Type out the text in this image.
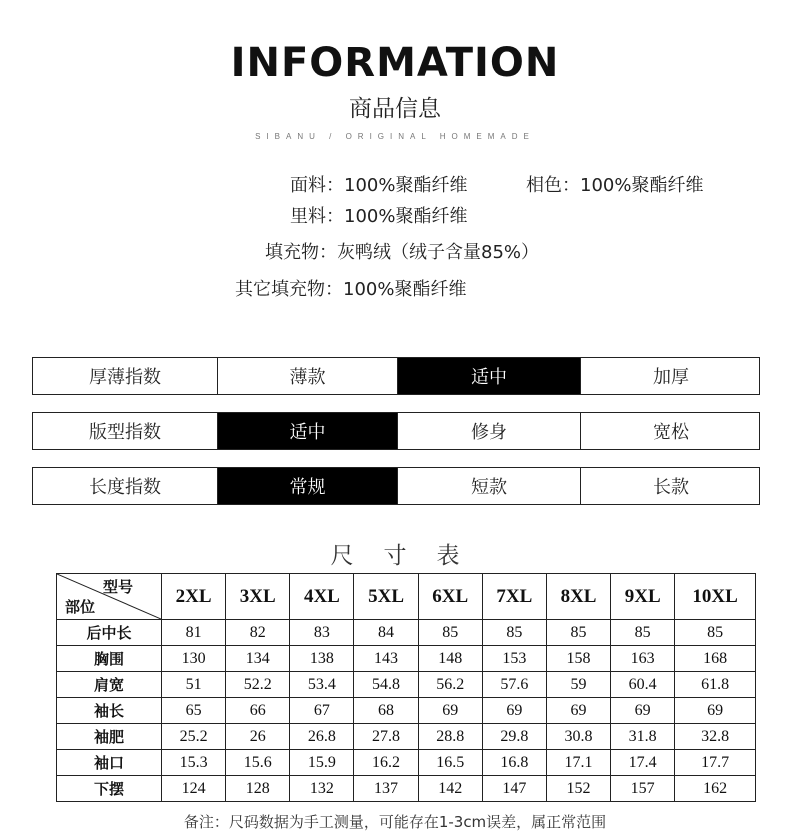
INFORMATION
商品信息
SIBANU / ORIGINAL HOMEMADE
面料：100%聚酯纤维	相色：100%聚酯纤维
里料：100%聚酯纤维
填充物：灰鸭绒（绒子含量85%）
其它填充物：100%聚酯纤维
厚薄指数	薄款	适中	加厚
版型指数	适中	修身	宽松
长度指数	常规	短款	长款
尺寸表
型号
部位	2XL	3XL	4XL	5XL	6XL	7XL	8XL	9XL	10XL
后中长	81	82	83	84	85	85	85	85	85
胸围	130	134	138	143	148	153	158	163	168
肩宽	51	52.2	53.4	54.8	56.2	57.6	59	60.4	61.8
袖长	65	66	67	68	69	69	69	69	69
袖肥	25.2	26	26.8	27.8	28.8	29.8	30.8	31.8	32.8
袖口	15.3	15.6	15.9	16.2	16.5	16.8	17.1	17.4	17.7
下摆	124	128	132	137	142	147	152	157	162
备注：尺码数据为手工测量，可能存在1-3cm误差，属正常范围
